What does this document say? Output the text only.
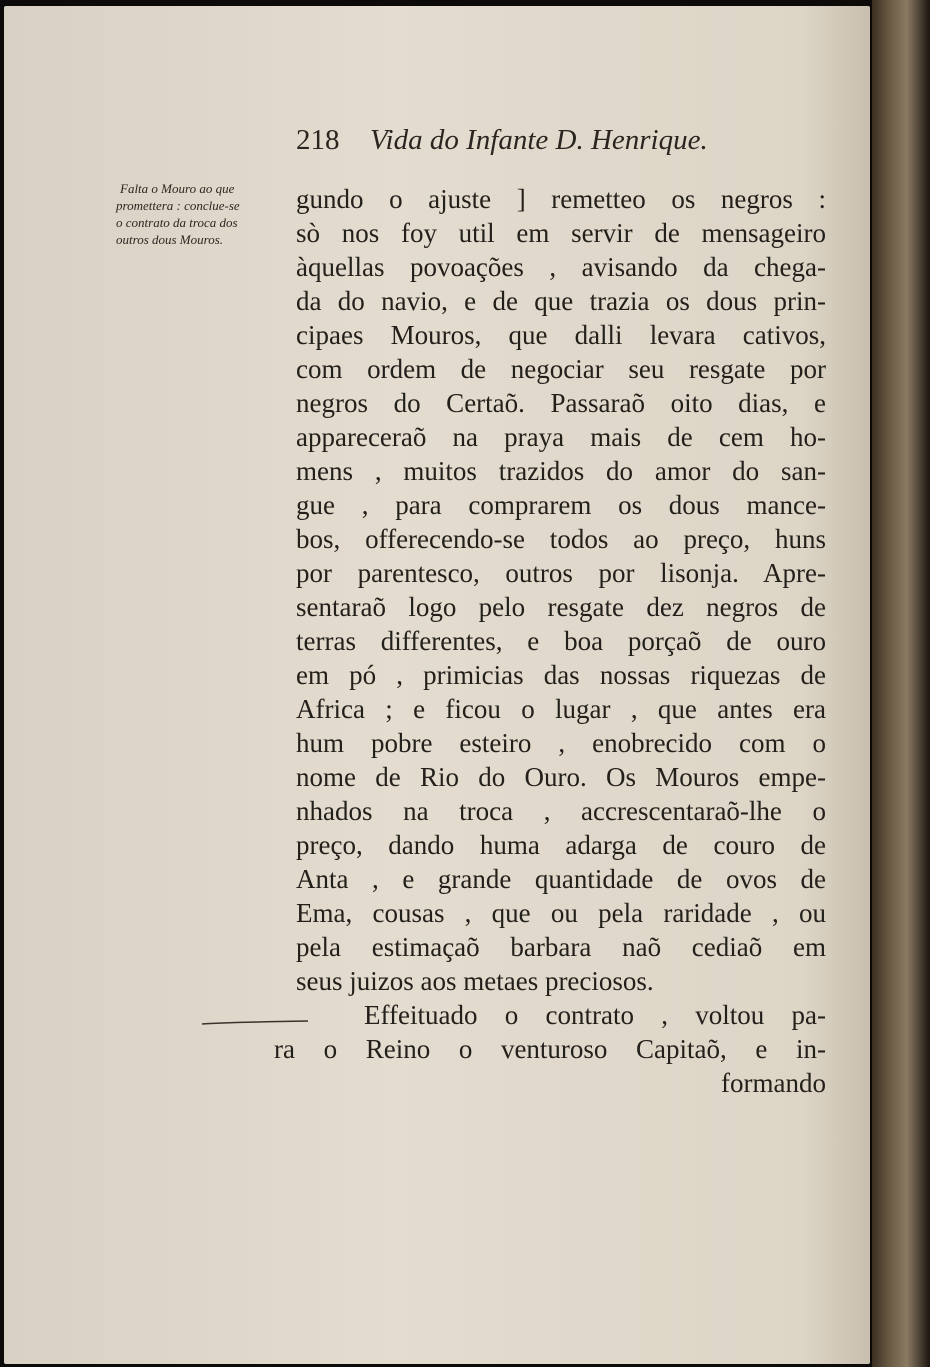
218 Vida do Infante D. Henrique.
Falta o Mouro ao que
promettera : conclue-se
o contrato da troca dos
outros dous Mouros.
gundo o ajuste ] remetteo os negros :
sò nos foy util em servir de mensageiro
àquellas povoações , avisando da chega-
da do navio, e de que trazia os dous prin-
cipaes Mouros, que dalli levara cativos,
com ordem de negociar seu resgate por
negros do Certaõ. Passaraõ oito dias, e
appareceraõ na praya mais de cem ho-
mens , muitos trazidos do amor do san-
gue , para comprarem os dous mance-
bos, offerecendo-se todos ao preço, huns
por parentesco, outros por lisonja. Apre-
sentaraõ logo pelo resgate dez negros de
terras differentes, e boa porçaõ de ouro
em pó , primicias das nossas riquezas de
Africa ; e ficou o lugar , que antes era
hum pobre esteiro , enobrecido com o
nome de Rio do Ouro. Os Mouros empe-
nhados na troca , accrescentaraõ-lhe o
preço, dando huma adarga de couro de
Anta , e grande quantidade de ovos de
Ema, cousas , que ou pela raridade , ou
pela estimaçaõ barbara naõ cediaõ em
seus juizos aos metaes preciosos.
Effeituado o contrato , voltou pa-
ra o Reino o venturoso Capitaõ, e in-
formando
